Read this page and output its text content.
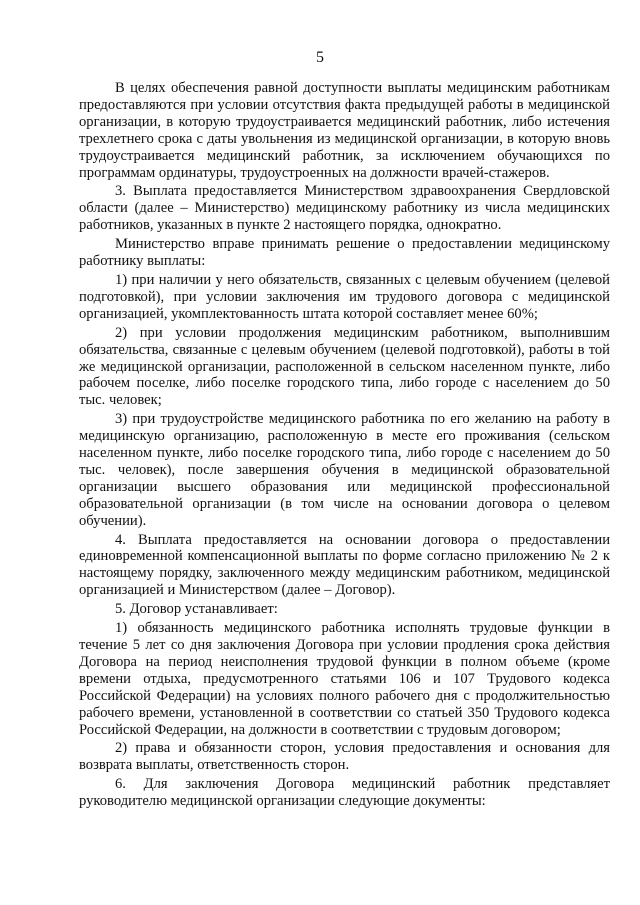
5

В целях обеспечения равной доступности выплаты медицинским работникам предоставляются при условии отсутствия факта предыдущей работы в медицинской организации, в которую трудоустраивается медицинский работник, либо истечения трехлетнего срока с даты увольнения из медицинской организации, в которую вновь трудоустраивается медицинский работник, за исключением обучающихся по программам ординатуры, трудоустроенных на должности врачей-стажеров.

3. Выплата предоставляется Министерством здравоохранения Свердловской области (далее – Министерство) медицинскому работнику из числа медицинских работников, указанных в пункте 2 настоящего порядка, однократно.

Министерство вправе принимать решение о предоставлении медицинскому работнику выплаты:

1) при наличии у него обязательств, связанных с целевым обучением (целевой подготовкой), при условии заключения им трудового договора с медицинской организацией, укомплектованность штата которой составляет менее 60%;

2) при условии продолжения медицинским работником, выполнившим обязательства, связанные с целевым обучением (целевой подготовкой), работы в той же медицинской организации, расположенной в сельском населенном пункте, либо рабочем поселке, либо поселке городского типа, либо городе с населением до 50 тыс. человек;

3) при трудоустройстве медицинского работника по его желанию на работу в медицинскую организацию, расположенную в месте его проживания (сельском населенном пункте, либо поселке городского типа, либо городе с населением до 50 тыс. человек), после завершения обучения в медицинской образовательной организации высшего образования или медицинской профессиональной образовательной организации (в том числе на основании договора о целевом обучении).

4. Выплата предоставляется на основании договора о предоставлении единовременной компенсационной выплаты по форме согласно приложению № 2 к настоящему порядку, заключенного между медицинским работником, медицинской организацией и Министерством (далее – Договор).

5. Договор устанавливает:

1) обязанность медицинского работника исполнять трудовые функции в течение 5 лет со дня заключения Договора при условии продления срока действия Договора на период неисполнения трудовой функции в полном объеме (кроме времени отдыха, предусмотренного статьями 106 и 107 Трудового кодекса Российской Федерации) на условиях полного рабочего дня с продолжительностью рабочего времени, установленной в соответствии со статьей 350 Трудового кодекса Российской Федерации, на должности в соответствии с трудовым договором;

2) права и обязанности сторон, условия предоставления и основания для возврата выплаты, ответственность сторон.

6. Для заключения Договора медицинский работник представляет руководителю медицинской организации следующие документы:
